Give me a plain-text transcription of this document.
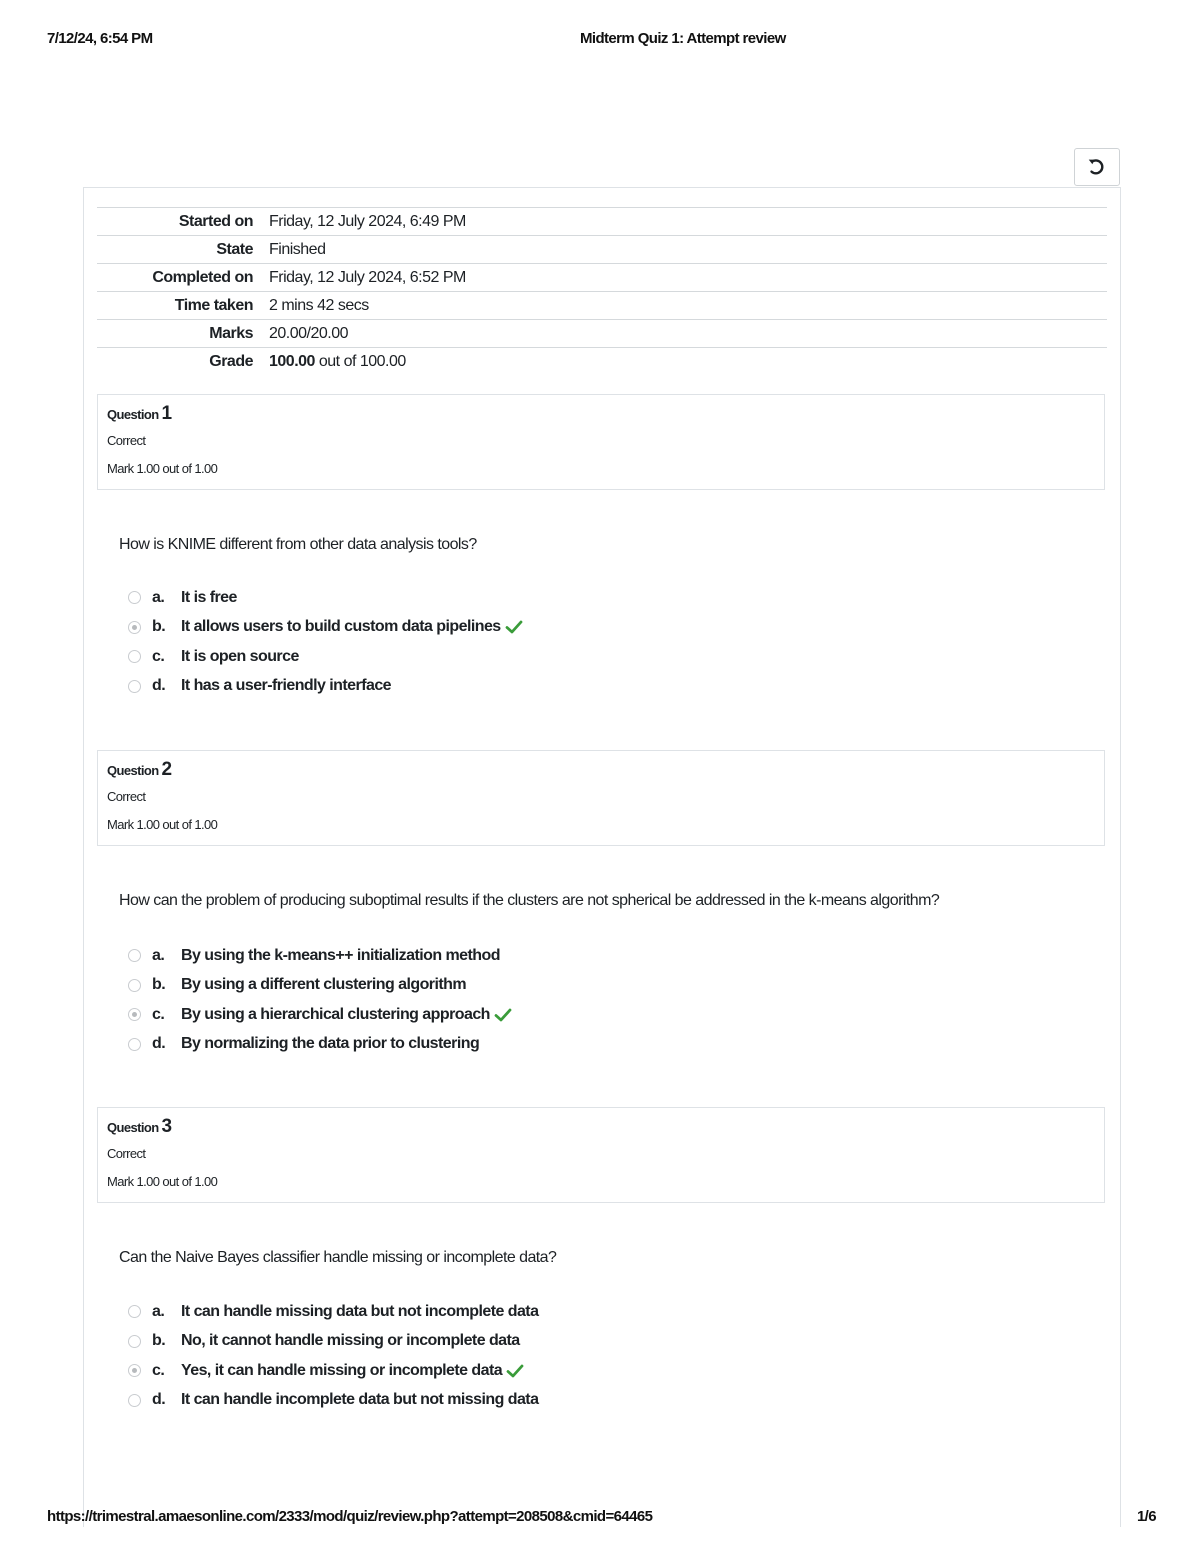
7/12/24, 6:54 PM	Midterm Quiz 1: Attempt review
Started on	Friday, 12 July 2024, 6:49 PM
State	Finished
Completed on	Friday, 12 July 2024, 6:52 PM
Time taken	2 mins 42 secs
Marks	20.00/20.00
Grade	100.00 out of 100.00
Question 1
Correct
Mark 1.00 out of 1.00
How is KNIME different from other data analysis tools?
a.	It is free
b. It allows users to build custom data pipelines
c.	It is open source
d. It has a user-friendly interface
Question 2
Correct
Mark 1.00 out of 1.00
How can the problem of producing suboptimal results if the clusters are not spherical be addressed in the k-means algorithm?
a.	By using the k-means++ initialization method
b. By using a different clustering algorithm
c.	By using a hierarchical clustering approach
d. By normalizing the data prior to clustering
Question 3
Correct
Mark 1.00 out of 1.00
Can the Naive Bayes classifier handle missing or incomplete data?
a.	It can handle missing data but not incomplete data
b. No, it cannot handle missing or incomplete data
c.	Yes, it can handle missing or incomplete data
d. It can handle incomplete data but not missing data
https://trimestral.amaesonline.com/2333/mod/quiz/review.php?attempt=208508&cmid=64465	1/6
